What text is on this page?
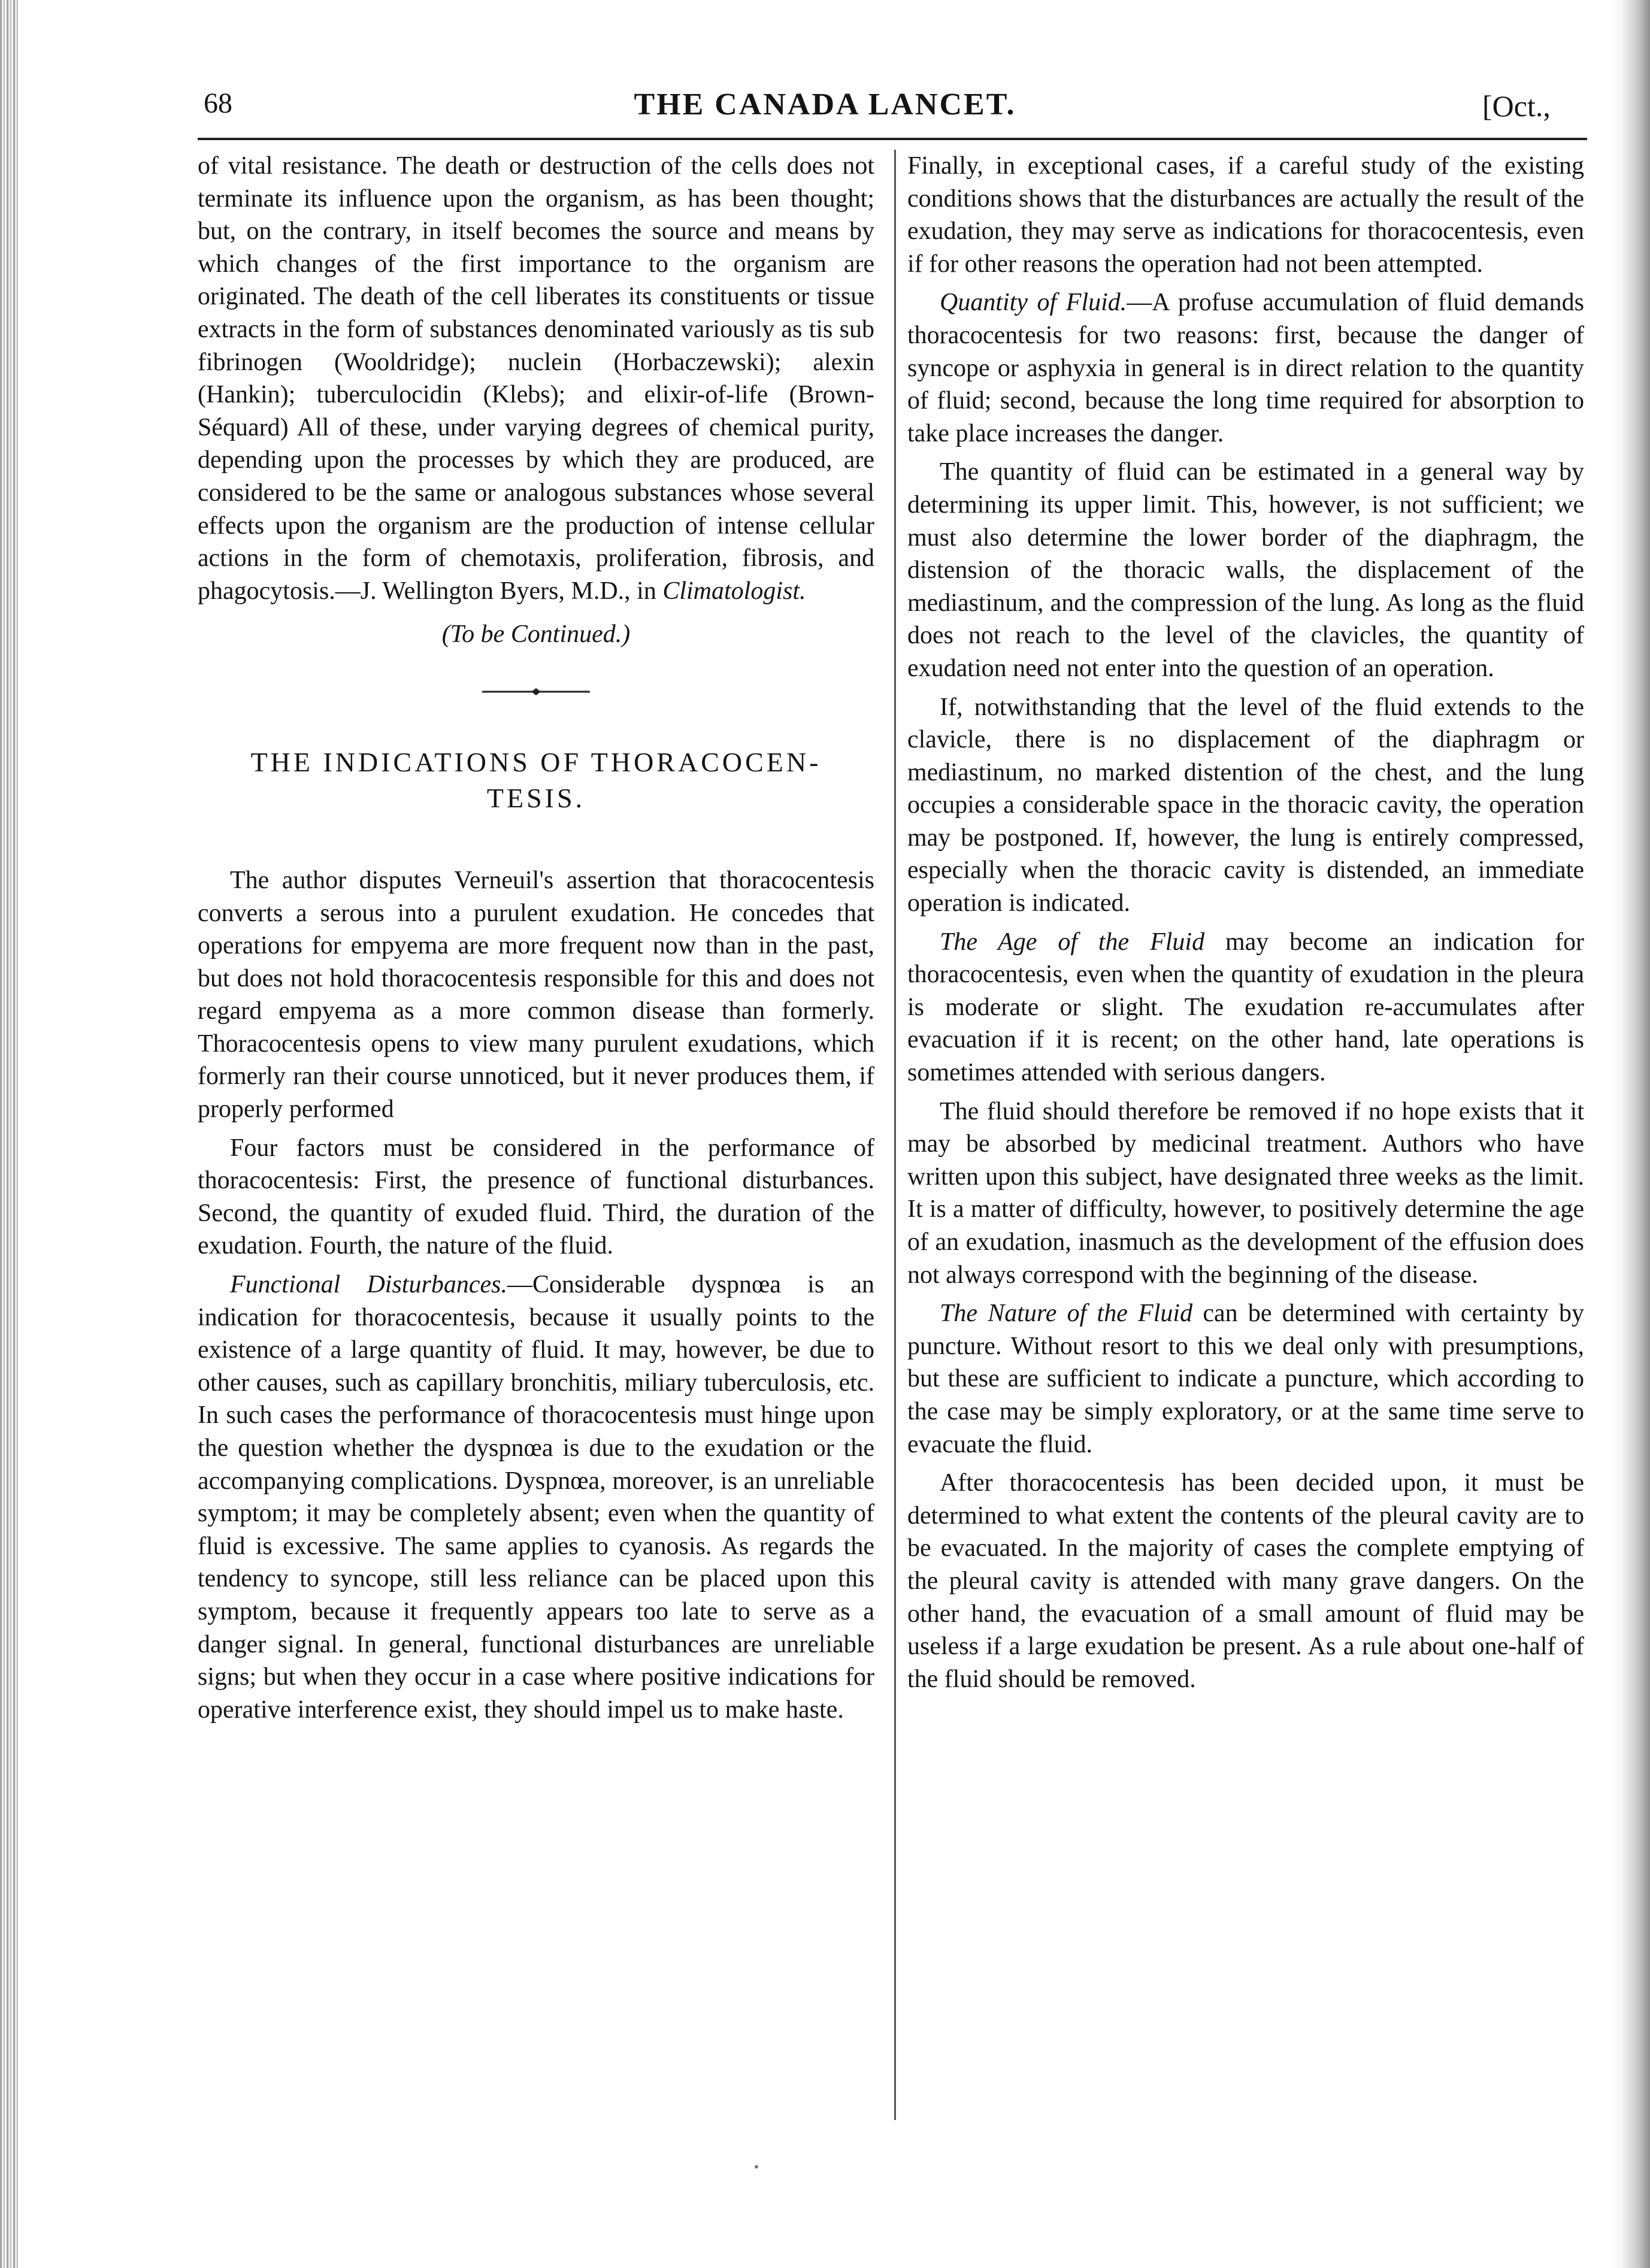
68	THE CANADA LANCET.	[Oct.,

of vital resistance. The death or destruction of the cells does not terminate its influence upon the organism, as has been thought; but, on the contrary, in itself becomes the source and means by which changes of the first importance to the organism are originated. The death of the cell liberates its constituents or tissue extracts in the form of substances denominated variously as tis sub fibrinogen (Wooldridge); nuclein (Horbaczewski); alexin (Hankin); tuberculocidin (Klebs); and elixir-of-life (Brown-Séquard) All of these, under varying degrees of chemical purity, depending upon the processes by which they are produced, are considered to be the same or analogous substances whose several effects upon the organism are the production of intense cellular actions in the form of chemotaxis, proliferation, fibrosis, and phagocytosis.—J. Wellington Byers, M.D., in Climatologist.

(To be Continued.)
THE INDICATIONS OF THORACOCEN-
TESIS.

The author disputes Verneuil's assertion that thoracocentesis converts a serous into a purulent exudation. He concedes that operations for empyema are more frequent now than in the past, but does not hold thoracocentesis responsible for this and does not regard empyema as a more common disease than formerly. Thoracocentesis opens to view many purulent exudations, which formerly ran their course unnoticed, but it never produces them, if properly performed

Four factors must be considered in the performance of thoracocentesis: First, the presence of functional disturbances. Second, the quantity of exuded fluid. Third, the duration of the exudation. Fourth, the nature of the fluid.

Functional Disturbances.—Considerable dyspnœa is an indication for thoracocentesis, because it usually points to the existence of a large quantity of fluid. It may, however, be due to other causes, such as capillary bronchitis, miliary tuberculosis, etc. In such cases the performance of thoracocentesis must hinge upon the question whether the dyspnœa is due to the exudation or the accompanying complications. Dyspnœa, moreover, is an unreliable symptom; it may be completely absent; even when the quantity of fluid is excessive. The same applies to cyanosis. As regards the tendency to syncope, still less reliance can be placed upon this symptom, because it frequently appears too late to serve as a danger signal. In general, functional disturbances are unreliable signs; but when they occur in a case where positive indications for operative interference exist, they should impel us to make haste.

Finally, in exceptional cases, if a careful study of the existing conditions shows that the disturbances are actually the result of the exudation, they may serve as indications for thoracocentesis, even if for other reasons the operation had not been attempted.

Quantity of Fluid.—A profuse accumulation of fluid demands thoracocentesis for two reasons: first, because the danger of syncope or asphyxia in general is in direct relation to the quantity of fluid; second, because the long time required for absorption to take place increases the danger.

The quantity of fluid can be estimated in a general way by determining its upper limit. This, however, is not sufficient; we must also determine the lower border of the diaphragm, the distension of the thoracic walls, the displacement of the mediastinum, and the compression of the lung. As long as the fluid does not reach to the level of the clavicles, the quantity of exudation need not enter into the question of an operation.

If, notwithstanding that the level of the fluid extends to the clavicle, there is no displacement of the diaphragm or mediastinum, no marked distention of the chest, and the lung occupies a considerable space in the thoracic cavity, the operation may be postponed. If, however, the lung is entirely compressed, especially when the thoracic cavity is distended, an immediate operation is indicated.

The Age of the Fluid may become an indication for thoracocentesis, even when the quantity of exudation in the pleura is moderate or slight. The exudation re-accumulates after evacuation if it is recent; on the other hand, late operations is sometimes attended with serious dangers.

The fluid should therefore be removed if no hope exists that it may be absorbed by medicinal treatment. Authors who have written upon this subject, have designated three weeks as the limit. It is a matter of difficulty, however, to positively determine the age of an exudation, inasmuch as the development of the effusion does not always correspond with the beginning of the disease.

The Nature of the Fluid can be determined with certainty by puncture. Without resort to this we deal only with presumptions, but these are sufficient to indicate a puncture, which according to the case may be simply exploratory, or at the same time serve to evacuate the fluid.

After thoracocentesis has been decided upon, it must be determined to what extent the contents of the pleural cavity are to be evacuated. In the majority of cases the complete emptying of the pleural cavity is attended with many grave dangers. On the other hand, the evacuation of a small amount of fluid may be useless if a large exudation be present. As a rule about one-half of the fluid should be removed.
